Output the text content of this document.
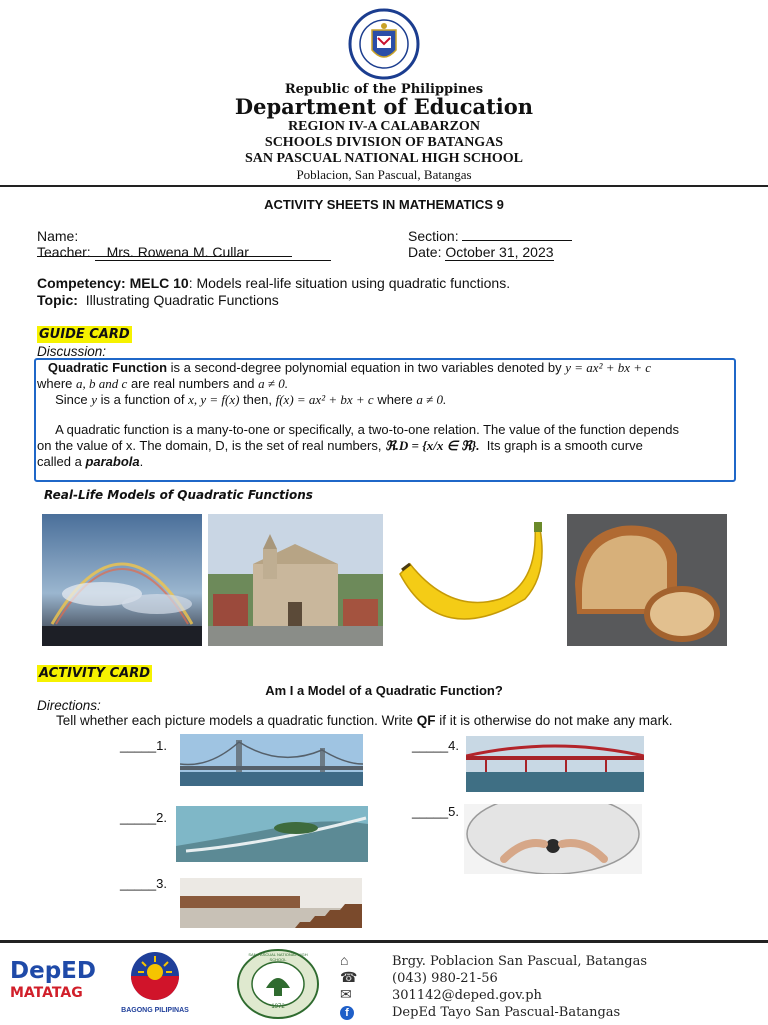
Republic of the Philippines
Department of Education
REGION IV-A CALABARZON
SCHOOLS DIVISION OF BATANGAS
SAN PASCUAL NATIONAL HIGH SCHOOL
Poblacion, San Pascual, Batangas
ACTIVITY SHEETS IN MATHEMATICS 9
Name:
Teacher: Mrs. Rowena M. Cullar
Section:
Date: October 31, 2023
Competency: MELC 10: Models real-life situation using quadratic functions.
Topic: Illustrating Quadratic Functions
GUIDE CARD
Discussion:
Quadratic Function is a second-degree polynomial equation in two variables denoted by y = ax² + bx + c
where a, b and c are real numbers and a ≠ 0.
Since y is a function of x, y = f(x) then, f(x) = ax² + bx + c where a ≠ 0.
A quadratic function is a many-to-one or specifically, a two-to-one relation. The value of the function depends
on the value of x. The domain, D, is the set of real numbers, ℜ.D = {x/x ∈ ℜ}. Its graph is a smooth curve
called a parabola.
Real-Life Models of Quadratic Functions
ACTIVITY CARD
Am I a Model of a Quadratic Function?
Directions:
Tell whether each picture models a quadratic function. Write QF if it is otherwise do not make any mark.
_____1.
_____2.
_____3.
_____4.
_____5.
DepED
MATATAG
BAGONG PILIPINAS
SAN PASCUAL NATIONAL HIGH SCHOOL
1972
⌂
☎
✉
f
Brgy. Poblacion San Pascual, Batangas
(043) 980-21-56
301142@deped.gov.ph
DepEd Tayo San Pascual-Batangas
